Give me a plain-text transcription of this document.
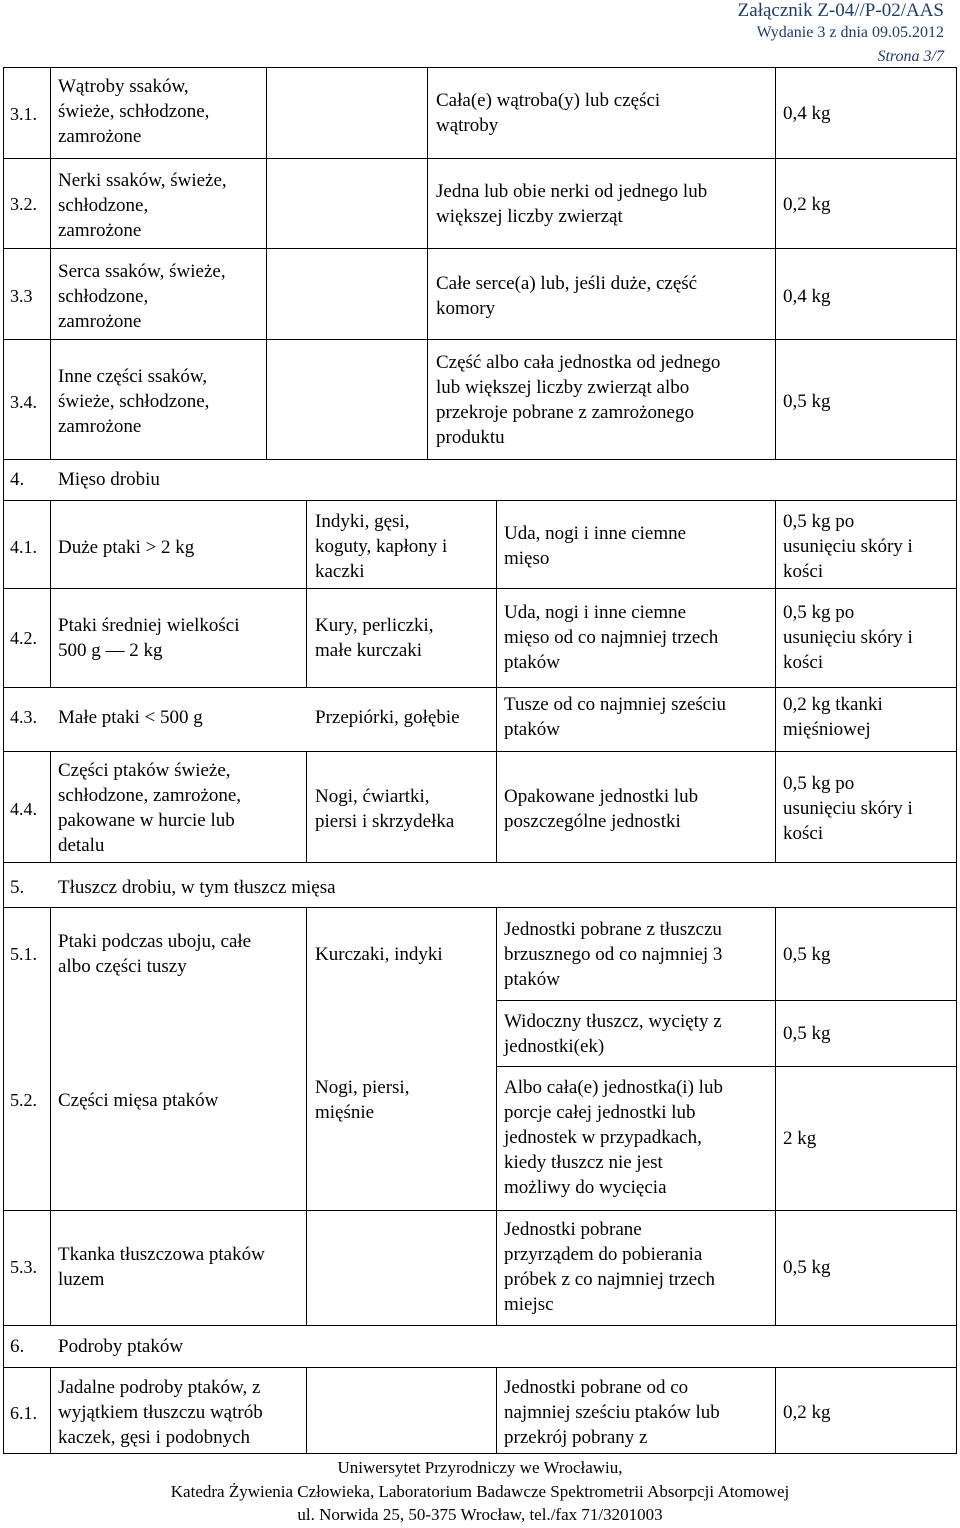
Załącznik Z-04//P-02/AAS
Wydanie 3 z dnia 09.05.2012
Strona 3/7
3.1.
Wątroby ssaków,
świeże, schłodzone,
zamrożone
Cała(e) wątroba(y) lub części
wątroby
0,4 kg
3.2.
Nerki ssaków, świeże,
schłodzone,
zamrożone
Jedna lub obie nerki od jednego lub
większej liczby zwierząt
0,2 kg
3.3
Serca ssaków, świeże,
schłodzone,
zamrożone
Całe serce(a) lub, jeśli duże, część
komory
0,4 kg
3.4.
Inne części ssaków,
świeże, schłodzone,
zamrożone
Część albo cała jednostka od jednego
lub większej liczby zwierząt albo
przekroje pobrane z zamrożonego
produktu
0,5 kg
4. Mięso drobiu
4.1. Duże ptaki > 2 kg
Indyki, gęsi,
koguty, kapłony i
kaczki
Uda, nogi i inne ciemne
mięso
0,5 kg po
usunięciu skóry i
kości
4.2.
Ptaki średniej wielkości
500 g — 2 kg
Kury, perliczki,
małe kurczaki
Uda, nogi i inne ciemne
mięso od co najmniej trzech
ptaków
0,5 kg po
usunięciu skóry i
kości
4.3. Małe ptaki < 500 g	Przepiórki, gołębie
Tusze od co najmniej sześciu
ptaków
0,2 kg tkanki
mięśniowej
4.4.
Części ptaków świeże,
schłodzone, zamrożone,
pakowane w hurcie lub
detalu
Nogi, ćwiartki,
piersi i skrzydełka
Opakowane jednostki lub
poszczególne jednostki
0,5 kg po
usunięciu skóry i
kości
5. Tłuszcz drobiu, w tym tłuszcz mięsa
5.1.
Ptaki podczas uboju, całe
albo części tuszy
Kurczaki, indyki
Jednostki pobrane z tłuszczu
brzusznego od co najmniej 3
ptaków
0,5 kg
Widoczny tłuszcz, wycięty z
jednostki(ek)
0,5 kg
5.2. Części mięsa ptaków
Nogi, piersi,
mięśnie
Albo cała(e) jednostka(i) lub
porcje całej jednostki lub
jednostek w przypadkach,
kiedy tłuszcz nie jest
możliwy do wycięcia
2 kg
5.3.
Tkanka tłuszczowa ptaków
luzem
Jednostki pobrane
przyrządem do pobierania
próbek z co najmniej trzech
miejsc
0,5 kg
6. Podroby ptaków
6.1.
Jadalne podroby ptaków, z
wyjątkiem tłuszczu wątrób
kaczek, gęsi i podobnych
Jednostki pobrane od co
najmniej sześciu ptaków lub
przekrój pobrany z
0,2 kg
Uniwersytet Przyrodniczy we Wrocławiu,
Katedra Żywienia Człowieka, Laboratorium Badawcze Spektrometrii Absorpcji Atomowej
ul. Norwida 25, 50-375 Wrocław, tel./fax 71/3201003
